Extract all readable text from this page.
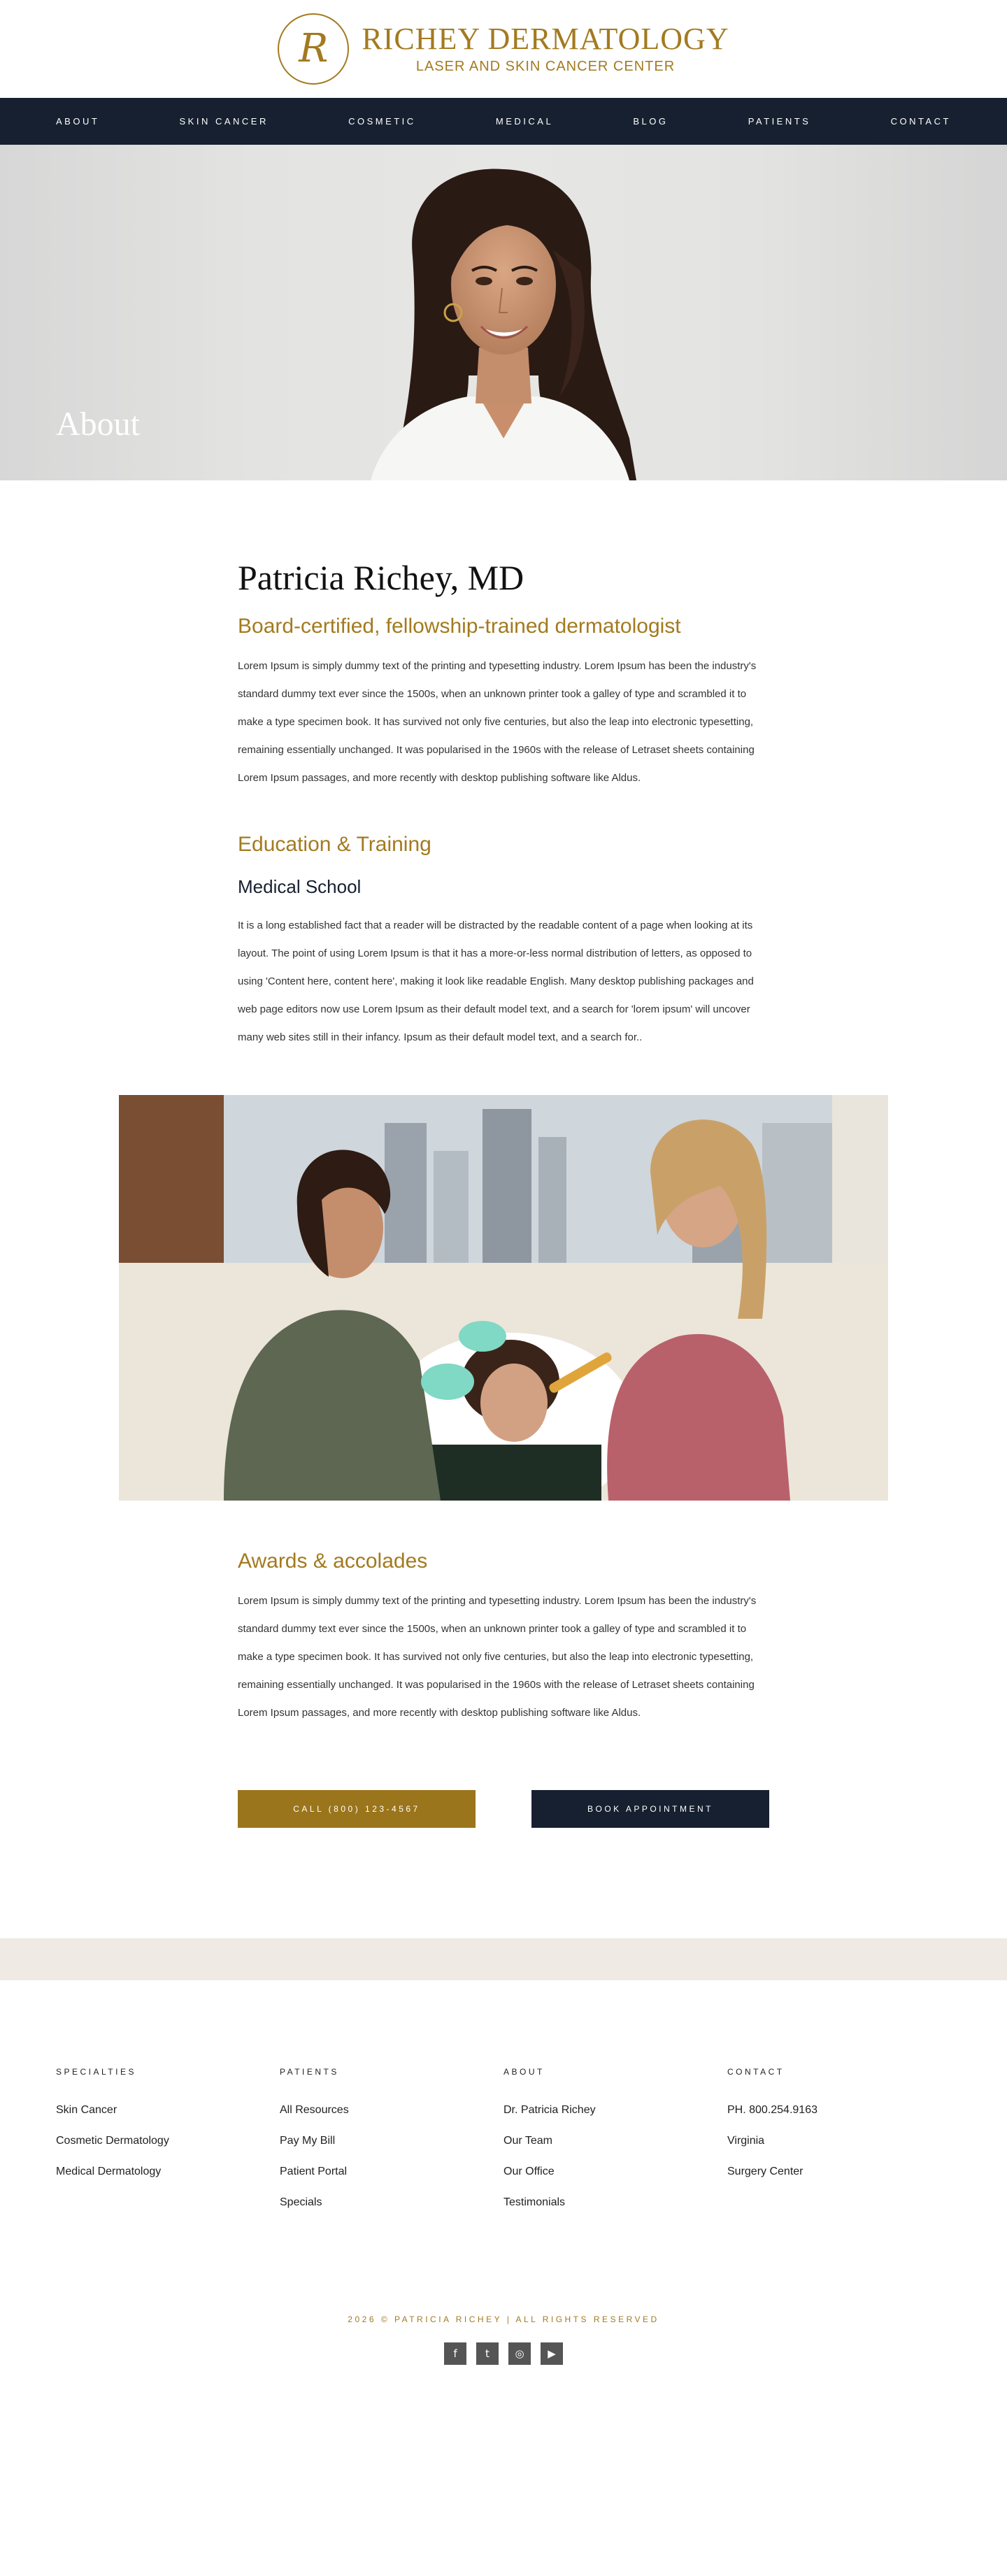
R RICHEY DERMATOLOGY
LASER AND SKIN CANCER CENTER
ABOUT	SKIN CANCER	COSMETIC	MEDICAL	BLOG	PATIENTS	CONTACT
About
Patricia Richey, MD
Board-certified, fellowship-trained dermatologist

Lorem Ipsum is simply dummy text of the printing and typesetting industry. Lorem Ipsum has been the industry's standard dummy text ever since the 1500s, when an unknown printer took a galley of type and scrambled it to make a type specimen book. It has survived not only five centuries, but also the leap into electronic typesetting, remaining essentially unchanged. It was popularised in the 1960s with the release of Letraset sheets containing Lorem Ipsum passages, and more recently with desktop publishing software like Aldus.

Education & Training
Medical School

It is a long established fact that a reader will be distracted by the readable content of a page when looking at its layout. The point of using Lorem Ipsum is that it has a more-or-less normal distribution of letters, as opposed to using 'Content here, content here', making it look like readable English. Many desktop publishing packages and web page editors now use Lorem Ipsum as their default model text, and a search for 'lorem ipsum' will uncover many web sites still in their infancy. Ipsum as their default model text, and a search for..

Awards & accolades

Lorem Ipsum is simply dummy text of the printing and typesetting industry. Lorem Ipsum has been the industry's standard dummy text ever since the 1500s, when an unknown printer took a galley of type and scrambled it to make a type specimen book. It has survived not only five centuries, but also the leap into electronic typesetting, remaining essentially unchanged. It was popularised in the 1960s with the release of Letraset sheets containing Lorem Ipsum passages, and more recently with desktop publishing software like Aldus.

CALL (800) 123-4567	BOOK APPOINTMENT
SPECIALTIES
Skin Cancer
Cosmetic Dermatology
Medical Dermatology
PATIENTS
All Resources
Pay My Bill
Patient Portal
Specials
ABOUT
Dr. Patricia Richey
Our Team
Our Office
Testimonials
CONTACT
PH. 800.254.9163
Virginia
Surgery Center
2026 © PATRICIA RICHEY | ALL RIGHTS RESERVED
f	t	◎	▶
